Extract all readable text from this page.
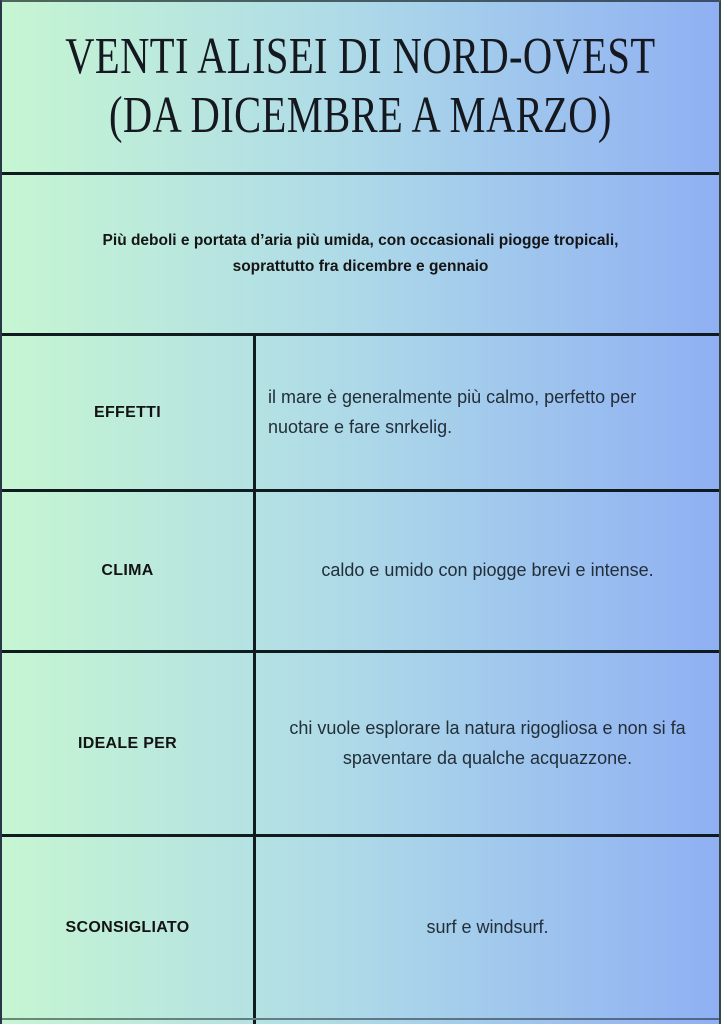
VENTI ALISEI DI NORD-OVEST
(DA DICEMBRE A MARZO)

Più deboli e portata d’aria più umida, con occasionali piogge tropicali,
soprattutto fra dicembre e gennaio

EFFETTI

il mare è generalmente più calmo, perfetto per nuotare e fare snrkelig.

CLIMA	caldo e umido con piogge brevi e intense.

IDEALE PER

chi vuole esplorare la natura rigogliosa e non si fa spaventare da qualche acquazzone.

SCONSIGLIATO	surf e windsurf.
